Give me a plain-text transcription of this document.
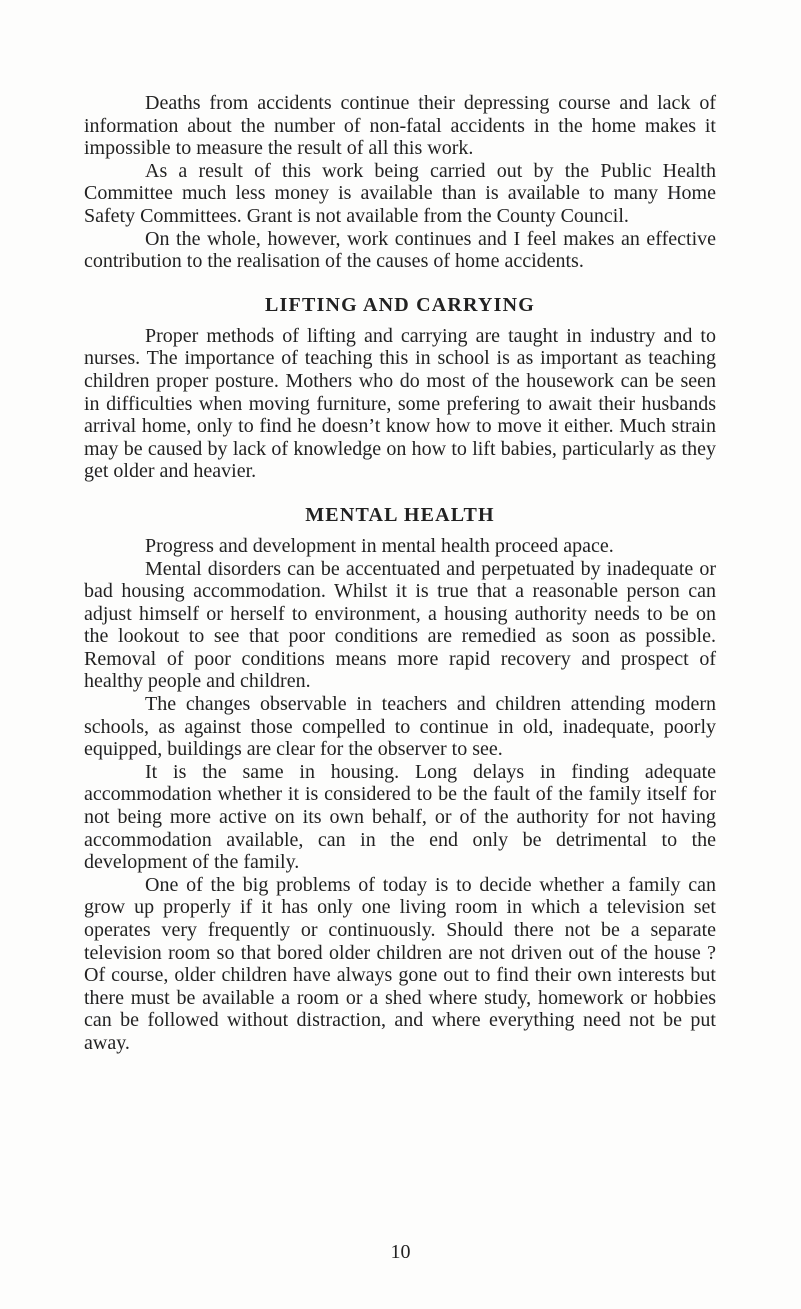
Deaths from accidents continue their depressing course and lack of information about the number of non-fatal accidents in the home makes it impossible to measure the result of all this work.

As a result of this work being carried out by the Public Health Committee much less money is available than is available to many Home Safety Committees. Grant is not available from the County Council.

On the whole, however, work continues and I feel makes an effective contribution to the realisation of the causes of home accidents.

LIFTING AND CARRYING

Proper methods of lifting and carrying are taught in industry and to nurses. The importance of teaching this in school is as important as teaching children proper posture. Mothers who do most of the housework can be seen in difficulties when moving furniture, some prefering to await their husbands arrival home, only to find he doesn’t know how to move it either. Much strain may be caused by lack of knowledge on how to lift babies, particularly as they get older and heavier.

MENTAL HEALTH

Progress and development in mental health proceed apace.

Mental disorders can be accentuated and perpetuated by inadequate or bad housing accommodation. Whilst it is true that a reasonable person can adjust himself or herself to environment, a housing authority needs to be on the lookout to see that poor conditions are remedied as soon as possible. Removal of poor conditions means more rapid recovery and prospect of healthy people and children.

The changes observable in teachers and children attending modern schools, as against those compelled to continue in old, inadequate, poorly equipped, buildings are clear for the observer to see.

It is the same in housing. Long delays in finding adequate accommodation whether it is considered to be the fault of the family itself for not being more active on its own behalf, or of the authority for not having accommodation available, can in the end only be detrimental to the development of the family.

One of the big problems of today is to decide whether a family can grow up properly if it has only one living room in which a television set operates very frequently or continuously. Should there not be a separate television room so that bored older children are not driven out of the house ? Of course, older children have always gone out to find their own interests but there must be available a room or a shed where study, homework or hobbies can be followed without distraction, and where everything need not be put away.

10
